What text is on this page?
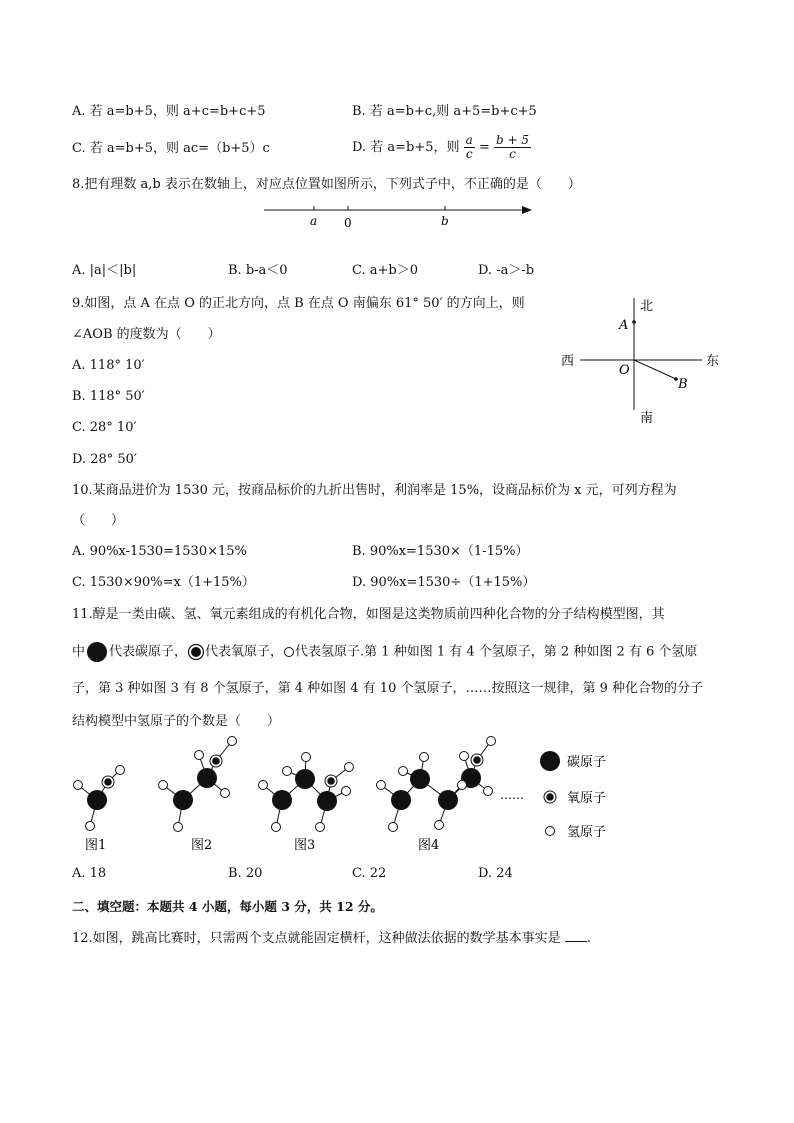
A. 若 a=b+5，则 a+c=b+c+5	B. 若 a=b+c,则 a+5=b+c+5
C. 若 a=b+5，则 ac=（b+5）c	D. 若 a=b+5，则 $\frac{a}{c} = \frac{b + 5}{c}$
8.把有理数 a,b 表示在数轴上，对应点位置如图所示，下列式子中，不正确的是（　　）
a 0	b
A. |a|＜|b|	B. b-a＜0	C. a+b＞0	D. -a＞-b
9.如图，点 A 在点 O 的正北方向，点 B 在点 O 南偏东 61° 50′ 的方向上，则
∠AOB 的度数为（　　）
A. 118° 10′
B. 118° 50′
C. 28° 10′
D. 28° 50′
北
南
西	东
A
O
B
10.某商品进价为 1530 元，按商品标价的九折出售时，利润率是 15%，设商品标价为 x 元，可列方程为
（　　）
A. 90%x-1530=1530×15%	B. 90%x=1530×（1-15%）
C. 1530×90%=x（1+15%）	D. 90%x=1530÷（1+15%）
11.醇是一类由碳、氢、氧元素组成的有机化合物，如图是这类物质前四种化合物的分子结构模型图，其
中 代表碳原子， 代表氧原子， 代表氢原子.第 1 种如图 1 有 4 个氢原子，第 2 种如图 2 有 6 个氢原
子，第 3 种如图 3 有 8 个氢原子，第 4 种如图 4 有 10 个氢原子，……按照这一规律，第 9 种化合物的分子
结构模型中氢原子的个数是（　　）
碳原子
氧原子
氢原子
……
图1	图2	图3	图4
A. 18	B. 20	C. 22	D. 24
二、填空题：本题共 4 小题，每小题 3 分，共 12 分。
12.如图，跳高比赛时，只需两个支点就能固定横杆，这种做法依据的数学基本事实是 .
